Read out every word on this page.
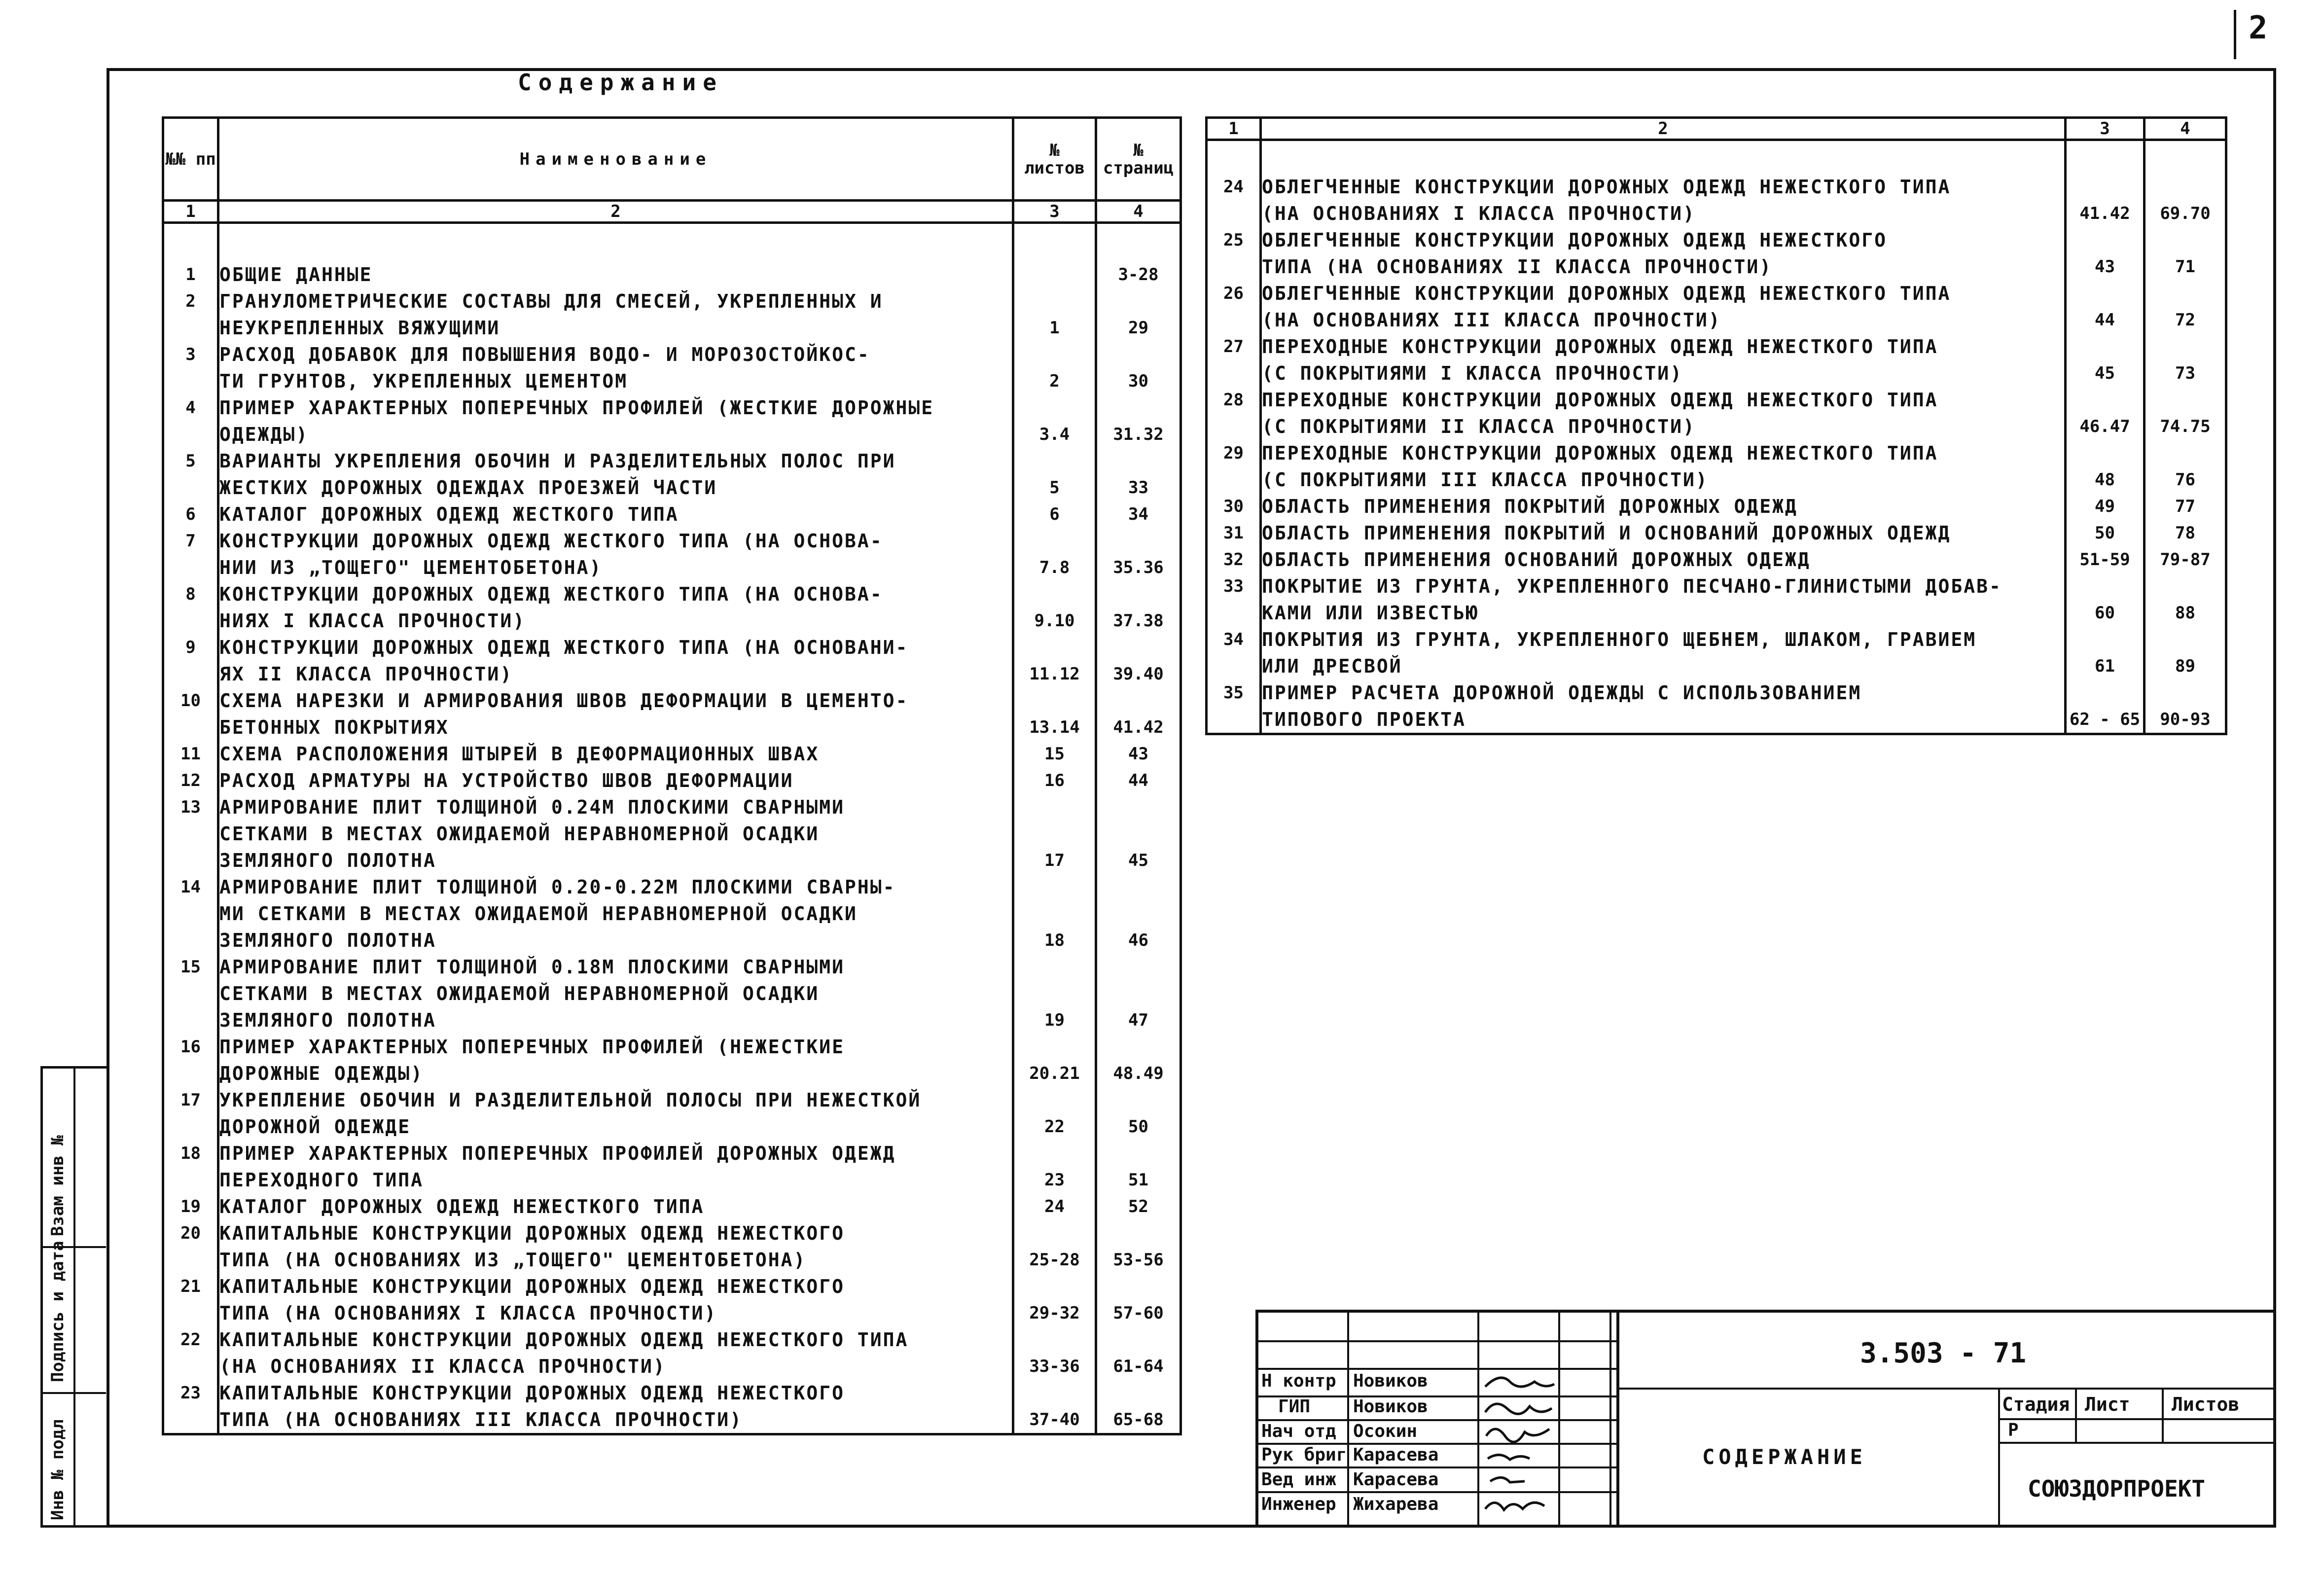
2
Содержание
№№ пп	Наименование	№ листов	№ страниц
1	2	3	4
1	ОБЩИЕ ДАННЫЕ		3-28
2	ГРАНУЛОМЕТРИЧЕСКИЕ СОСТАВЫ ДЛЯ СМЕСЕЙ, УКРЕПЛЕННЫХ И
НЕУКРЕПЛЕННЫХ ВЯЖУЩИМИ	1	29
3	РАСХОД ДОБАВОК ДЛЯ ПОВЫШЕНИЯ ВОДО- И МОРОЗОСТОЙКОС-
ТИ ГРУНТОВ, УКРЕПЛЕННЫХ ЦЕМЕНТОМ	2	30
4	ПРИМЕР ХАРАКТЕРНЫХ ПОПЕРЕЧНЫХ ПРОФИЛЕЙ (ЖЕСТКИЕ ДОРОЖНЫЕ
ОДЕЖДЫ)	3.4	31.32
5	ВАРИАНТЫ УКРЕПЛЕНИЯ ОБОЧИН И РАЗДЕЛИТЕЛЬНЫХ ПОЛОС ПРИ
ЖЕСТКИХ ДОРОЖНЫХ ОДЕЖДАХ ПРОЕЗЖЕЙ ЧАСТИ	5	33
6	КАТАЛОГ ДОРОЖНЫХ ОДЕЖД ЖЕСТКОГО ТИПА	6	34
7	КОНСТРУКЦИИ ДОРОЖНЫХ ОДЕЖД ЖЕСТКОГО ТИПА (НА ОСНОВА-
НИИ ИЗ „ТОЩЕГО" ЦЕМЕНТОБЕТОНА)	7.8	35.36
8	КОНСТРУКЦИИ ДОРОЖНЫХ ОДЕЖД ЖЕСТКОГО ТИПА (НА ОСНОВА-
НИЯХ I КЛАССА ПРОЧНОСТИ)	9.10	37.38
9	КОНСТРУКЦИИ ДОРОЖНЫХ ОДЕЖД ЖЕСТКОГО ТИПА (НА ОСНОВАНИ-
ЯХ II КЛАССА ПРОЧНОСТИ)	11.12	39.40
10	СХЕМА НАРЕЗКИ И АРМИРОВАНИЯ ШВОВ ДЕФОРМАЦИИ В ЦЕМЕНТО-
БЕТОННЫХ ПОКРЫТИЯХ	13.14	41.42
11	СХЕМА РАСПОЛОЖЕНИЯ ШТЫРЕЙ В ДЕФОРМАЦИОННЫХ ШВАХ	15	43
12	РАСХОД АРМАТУРЫ НА УСТРОЙСТВО ШВОВ ДЕФОРМАЦИИ	16	44
13	АРМИРОВАНИЕ ПЛИТ ТОЛЩИНОЙ 0.24М ПЛОСКИМИ СВАРНЫМИ
СЕТКАМИ В МЕСТАХ ОЖИДАЕМОЙ НЕРАВНОМЕРНОЙ ОСАДКИ
ЗЕМЛЯНОГО ПОЛОТНА	17	45
14	АРМИРОВАНИЕ ПЛИТ ТОЛЩИНОЙ 0.20-0.22М ПЛОСКИМИ СВАРНЫ-
МИ СЕТКАМИ В МЕСТАХ ОЖИДАЕМОЙ НЕРАВНОМЕРНОЙ ОСАДКИ
ЗЕМЛЯНОГО ПОЛОТНА	18	46
15	АРМИРОВАНИЕ ПЛИТ ТОЛЩИНОЙ 0.18М ПЛОСКИМИ СВАРНЫМИ
СЕТКАМИ В МЕСТАХ ОЖИДАЕМОЙ НЕРАВНОМЕРНОЙ ОСАДКИ
ЗЕМЛЯНОГО ПОЛОТНА	19	47
16	ПРИМЕР ХАРАКТЕРНЫХ ПОПЕРЕЧНЫХ ПРОФИЛЕЙ (НЕЖЕСТКИЕ
ДОРОЖНЫЕ ОДЕЖДЫ)	20.21	48.49
17	УКРЕПЛЕНИЕ ОБОЧИН И РАЗДЕЛИТЕЛЬНОЙ ПОЛОСЫ ПРИ НЕЖЕСТКОЙ
ДОРОЖНОЙ ОДЕЖДЕ	22	50
18	ПРИМЕР ХАРАКТЕРНЫХ ПОПЕРЕЧНЫХ ПРОФИЛЕЙ ДОРОЖНЫХ ОДЕЖД
ПЕРЕХОДНОГО ТИПА	23	51
19	КАТАЛОГ ДОРОЖНЫХ ОДЕЖД НЕЖЕСТКОГО ТИПА	24	52
20	КАПИТАЛЬНЫЕ КОНСТРУКЦИИ ДОРОЖНЫХ ОДЕЖД НЕЖЕСТКОГО
ТИПА (НА ОСНОВАНИЯХ ИЗ „ТОЩЕГО" ЦЕМЕНТОБЕТОНА)	25-28	53-56
21	КАПИТАЛЬНЫЕ КОНСТРУКЦИИ ДОРОЖНЫХ ОДЕЖД НЕЖЕСТКОГО
ТИПА (НА ОСНОВАНИЯХ I КЛАССА ПРОЧНОСТИ)	29-32	57-60
22	КАПИТАЛЬНЫЕ КОНСТРУКЦИИ ДОРОЖНЫХ ОДЕЖД НЕЖЕСТКОГО ТИПА
(НА ОСНОВАНИЯХ II КЛАССА ПРОЧНОСТИ)	33-36	61-64
23	КАПИТАЛЬНЫЕ КОНСТРУКЦИИ ДОРОЖНЫХ ОДЕЖД НЕЖЕСТКОГО
ТИПА (НА ОСНОВАНИЯХ III КЛАССА ПРОЧНОСТИ)	37-40	65-68
1	2	3	4
24	ОБЛЕГЧЕННЫЕ КОНСТРУКЦИИ ДОРОЖНЫХ ОДЕЖД НЕЖЕСТКОГО ТИПА
(НА ОСНОВАНИЯХ I КЛАССА ПРОЧНОСТИ)	41.42	69.70
25	ОБЛЕГЧЕННЫЕ КОНСТРУКЦИИ ДОРОЖНЫХ ОДЕЖД НЕЖЕСТКОГО
ТИПА (НА ОСНОВАНИЯХ II КЛАССА ПРОЧНОСТИ)	43	71
26	ОБЛЕГЧЕННЫЕ КОНСТРУКЦИИ ДОРОЖНЫХ ОДЕЖД НЕЖЕСТКОГО ТИПА
(НА ОСНОВАНИЯХ III КЛАССА ПРОЧНОСТИ)	44	72
27	ПЕРЕХОДНЫЕ КОНСТРУКЦИИ ДОРОЖНЫХ ОДЕЖД НЕЖЕСТКОГО ТИПА
(С ПОКРЫТИЯМИ I КЛАССА ПРОЧНОСТИ)	45	73
28	ПЕРЕХОДНЫЕ КОНСТРУКЦИИ ДОРОЖНЫХ ОДЕЖД НЕЖЕСТКОГО ТИПА
(С ПОКРЫТИЯМИ II КЛАССА ПРОЧНОСТИ)	46.47	74.75
29	ПЕРЕХОДНЫЕ КОНСТРУКЦИИ ДОРОЖНЫХ ОДЕЖД НЕЖЕСТКОГО ТИПА
(С ПОКРЫТИЯМИ III КЛАССА ПРОЧНОСТИ)	48	76
30	ОБЛАСТЬ ПРИМЕНЕНИЯ ПОКРЫТИЙ ДОРОЖНЫХ ОДЕЖД	49	77
31	ОБЛАСТЬ ПРИМЕНЕНИЯ ПОКРЫТИЙ И ОСНОВАНИЙ ДОРОЖНЫХ ОДЕЖД	50	78
32	ОБЛАСТЬ ПРИМЕНЕНИЯ ОСНОВАНИЙ ДОРОЖНЫХ ОДЕЖД	51-59	79-87
33	ПОКРЫТИЕ ИЗ ГРУНТА, УКРЕПЛЕННОГО ПЕСЧАНО-ГЛИНИСТЫМИ ДОБАВ-
КАМИ ИЛИ ИЗВЕСТЬЮ	60	88
34	ПОКРЫТИЯ ИЗ ГРУНТА, УКРЕПЛЕННОГО ЩЕБНЕМ, ШЛАКОМ, ГРАВИЕМ
ИЛИ ДРЕСВОЙ	61	89
35	ПРИМЕР РАСЧЕТА ДОРОЖНОЙ ОДЕЖДЫ С ИСПОЛЬЗОВАНИЕМ
ТИПОВОГО ПРОЕКТА	62 - 65	90-93
Н контр Новиков
ГИП Новиков
Нач отд Осокин
Рук бриг Карасева
Вед инж Карасева
Инженер Жихарева
3.503 - 71
СОДЕРЖАНИЕ
Стадия Лист Листов
Р
СОЮЗДОРПРОЕКТ
Взам инв №
Подпись и дата
Инв № подл
